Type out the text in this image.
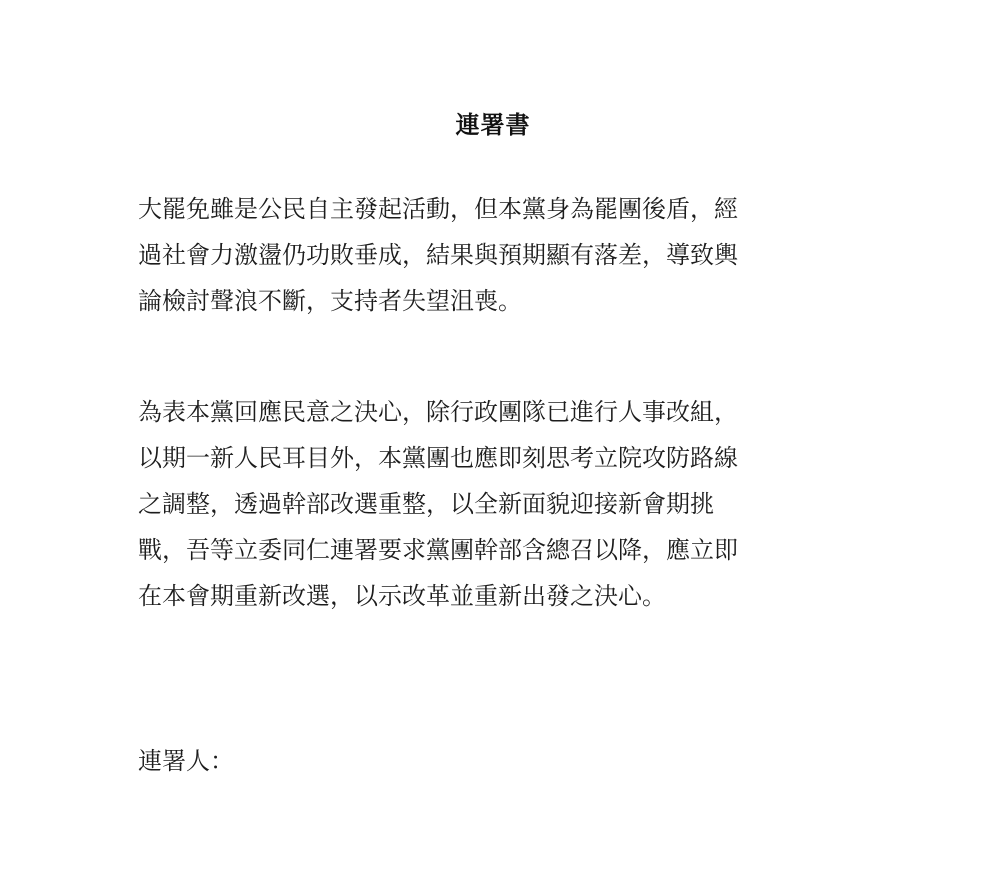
連署書
大罷免雖是公民自主發起活動，但本黨身為罷團後盾，經
過社會力激盪仍功敗垂成，結果與預期顯有落差，導致輿
論檢討聲浪不斷，支持者失望沮喪。
為表本黨回應民意之決心，除行政團隊已進行人事改組，
以期一新人民耳目外，本黨團也應即刻思考立院攻防路線
之調整，透過幹部改選重整，以全新面貌迎接新會期挑
戰，吾等立委同仁連署要求黨團幹部含總召以降，應立即
在本會期重新改選，以示改革並重新出發之決心。
連署人：
